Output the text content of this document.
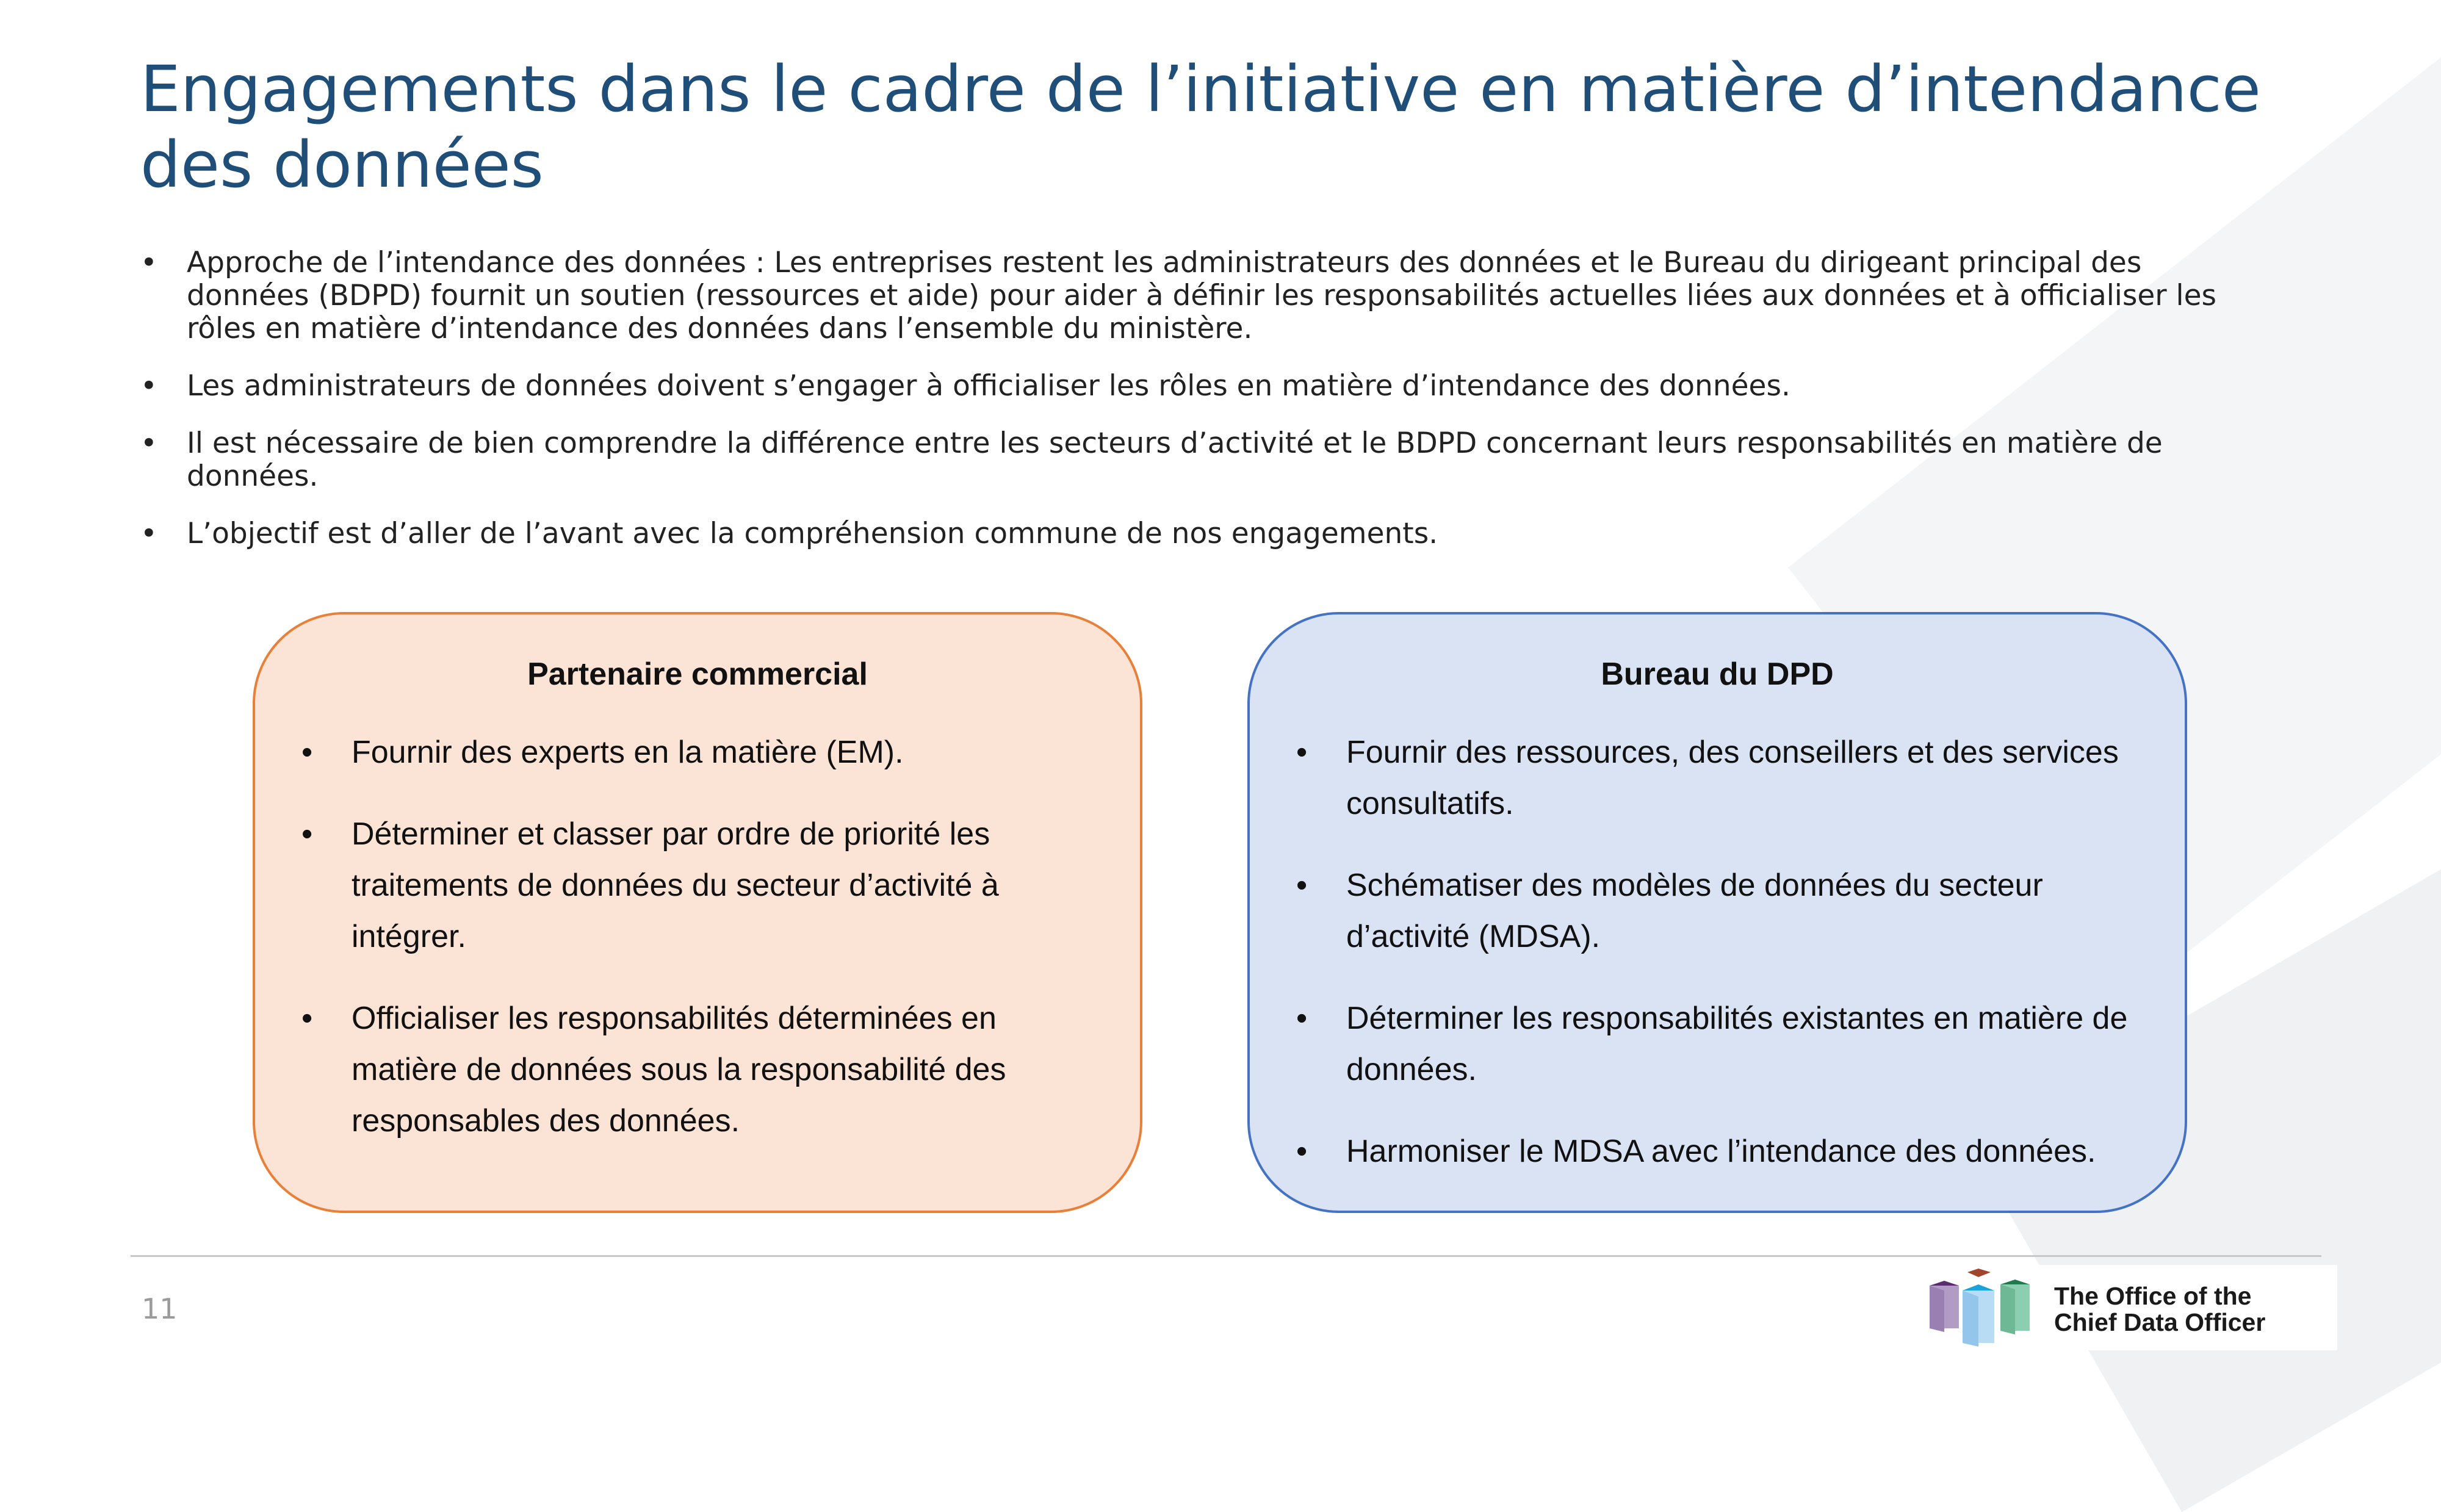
Engagements dans le cadre de l’initiative en matière d’intendance des données
• Approche de l’intendance des données : Les entreprises restent les administrateurs des données et le Bureau du dirigeant principal des données (BDPD) fournit un soutien (ressources et aide) pour aider à définir les responsabilités actuelles liées aux données et à officialiser les rôles en matière d’intendance des données dans l’ensemble du ministère.
• Les administrateurs de données doivent s’engager à officialiser les rôles en matière d’intendance des données.
• Il est nécessaire de bien comprendre la différence entre les secteurs d’activité et le BDPD concernant leurs responsabilités en matière de données.
• L’objectif est d’aller de l’avant avec la compréhension commune de nos engagements.
Partenaire commercial
• Fournir des experts en la matière (EM).
• Déterminer et classer par ordre de priorité les traitements de données du secteur d’activité à intégrer.
• Officialiser les responsabilités déterminées en matière de données sous la responsabilité des responsables des données.
Bureau du DPD
• Fournir des ressources, des conseillers et des services consultatifs.
• Schématiser des modèles de données du secteur d’activité (MDSA).
• Déterminer les responsabilités existantes en matière de données.
• Harmoniser le MDSA avec l’intendance des données.
11	The Office of the
Chief Data Officer
